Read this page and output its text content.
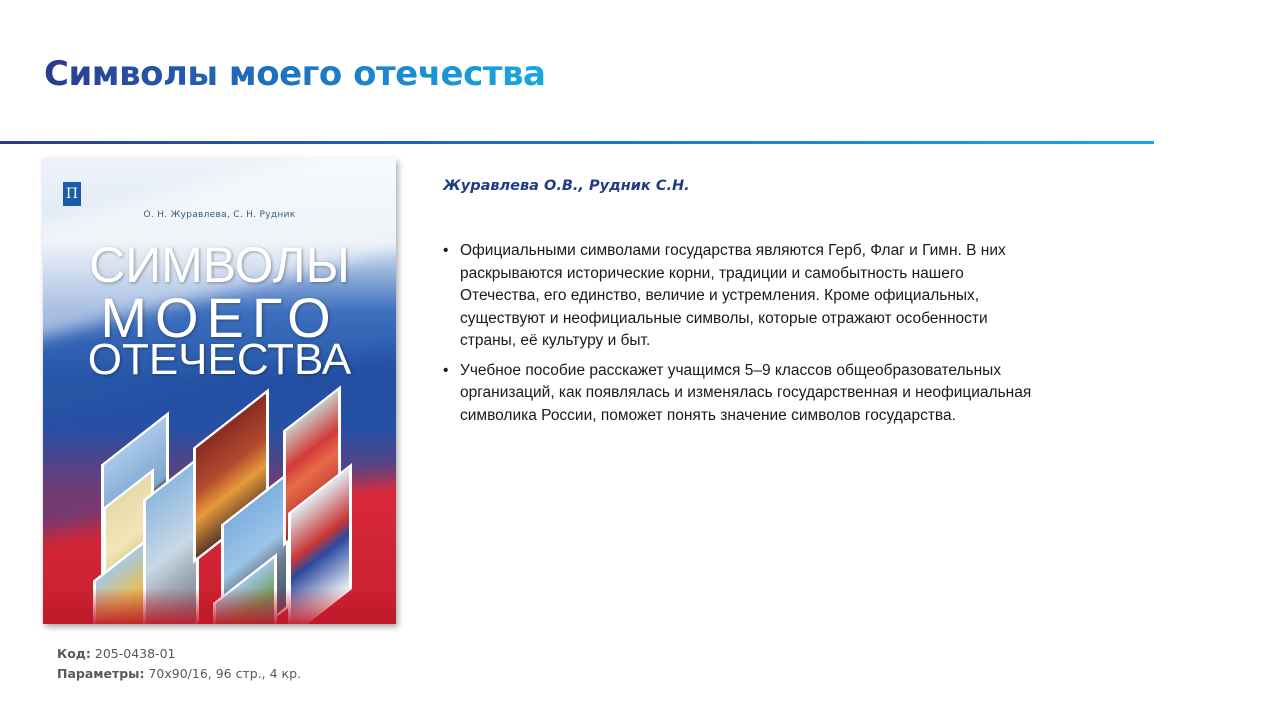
Символы моего отечества
П
О. Н. Журавлева, С. Н. Рудник
СИМВОЛЫ
МОЕГО
ОТЕЧЕСТВА

Журавлева О.В., Рудник С.Н.

• Официальными символами государства являются Герб, Флаг и Гимн. В них раскрываются исторические корни, традиции и самобытность нашего Отечества, его единство, величие и устремления. Кроме официальных, существуют и неофициальные символы, которые отражают особенности страны, её культуру и быт.
• Учебное пособие расскажет учащимся 5–9 классов общеобразовательных организаций, как появлялась и изменялась государственная и неофициальная символика России, поможет понять значение символов государства.
Код: 205-0438-01
Параметры: 70х90/16, 96 стр., 4 кр.
